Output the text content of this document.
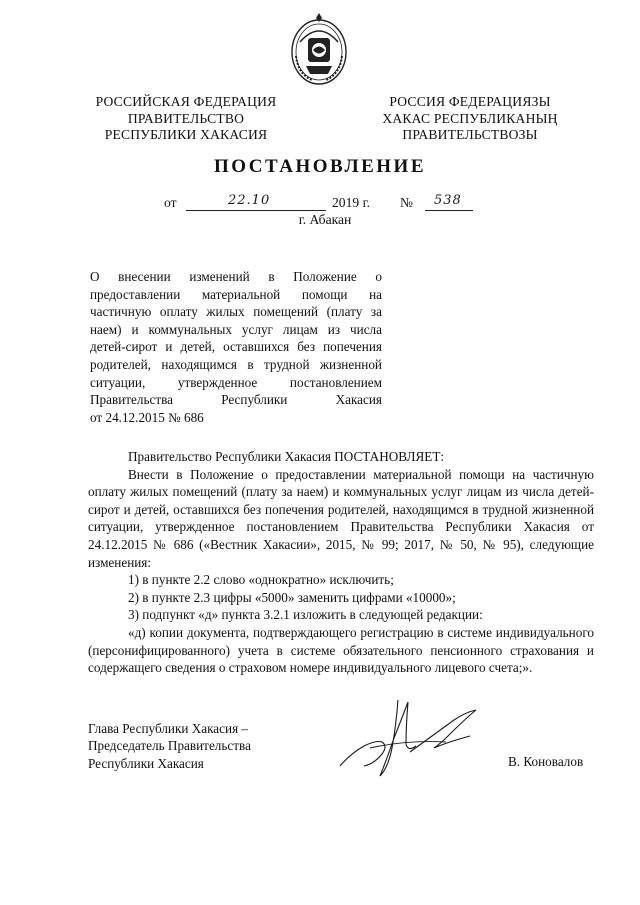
РОССИЙСКАЯ ФЕДЕРАЦИЯ
ПРАВИТЕЛЬСТВО
РЕСПУБЛИКИ ХАКАСИЯ
РОССИЯ ФЕДЕРАЦИЯЗЫ
ХАКАС РЕСПУБЛИКАНЫҢ
ПРАВИТЕЛЬСТВОЗЫ
ПОСТАНОВЛЕНИЕ
от	22.10	2019 г. № 538
г. Абакан
О внесении изменений в Положение о
предоставлении материальной помощи на
частичную оплату жилых помещений (плату за
наем) и коммунальных услуг лицам из числа
детей-сирот и детей, оставшихся без попечения
родителей, находящимся в трудной жизненной
ситуации, утвержденное постановлением
Правительства Республики Хакасия
от 24.12.2015 № 686

Правительство Республики Хакасия ПОСТАНОВЛЯЕТ:

Внести в Положение о предоставлении материальной помощи на частичную оплату жилых помещений (плату за наем) и коммунальных услуг лицам из числа детей-сирот и детей, оставшихся без попечения родителей, находящимся в трудной жизненной ситуации, утвержденное постановлением Правительства Республики Хакасия от 24.12.2015 № 686 («Вестник Хакасии», 2015, № 99; 2017, № 50, № 95), следующие изменения:

1) в пункте 2.2 слово «однократно» исключить;

2) в пункте 2.3 цифры «5000» заменить цифрами «10000»;

3) подпункт «д» пункта 3.2.1 изложить в следующей редакции:

«д) копии документа, подтверждающего регистрацию в системе индивидуального (персонифицированного) учета в системе обязательного пенсионного страхования и содержащего сведения о страховом номере индивидуального лицевого счета;».

Глава Республики Хакасия –
Председатель Правительства
Республики Хакасия	В. Коновалов
